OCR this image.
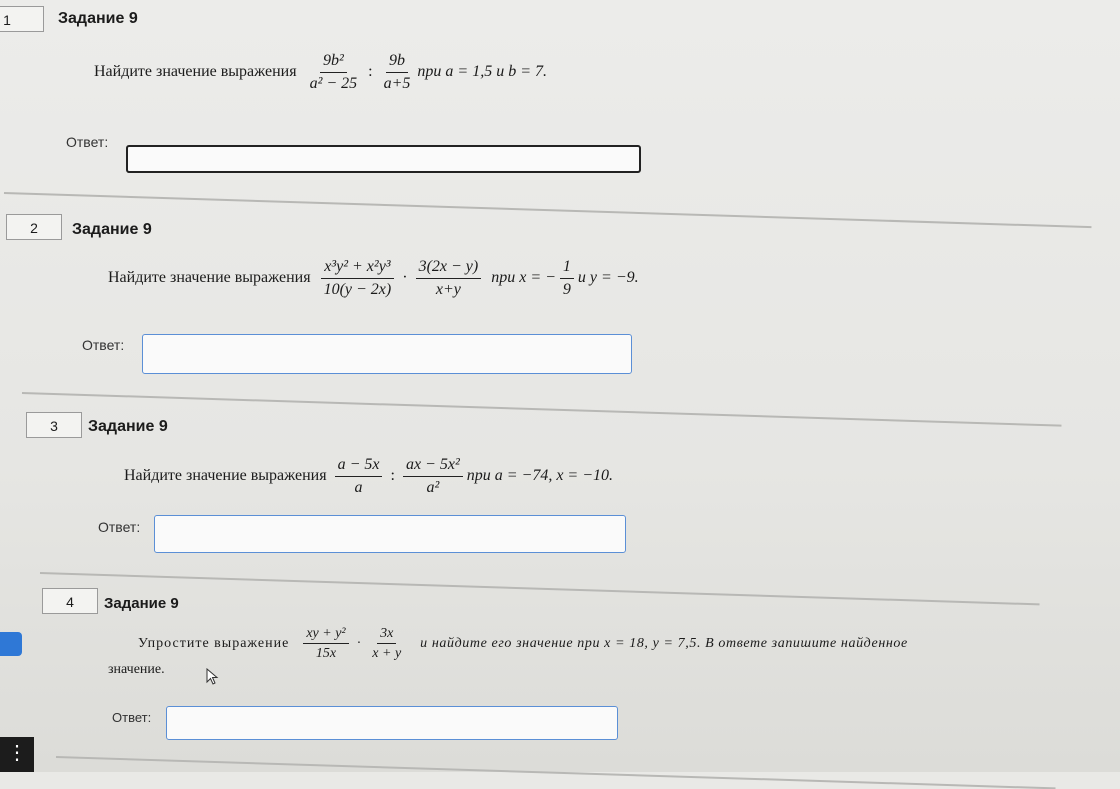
1	Задание 9
Найдите значение выражения $\frac{\text{9b²}}{\text{a² − 25}}$ : $\frac{9b}{a+5}$ при a = 1,5 и b = 7.
Ответ:
2	Задание 9
Найдите значение выражения $\frac{\text{x³y² + x²y³}}{10(y - 2x)} \cdot \frac{3(2x - y)}{x+y}$ при x = − $\frac{1}{9}$ и y = −9.
Ответ:
3	Задание 9
Найдите значение выражения $\frac{a - 5x}{a}$ : $\frac{\text{ax − 5x²}}{\text{a²}}$ при a = −74, x = −10.
Ответ:
4	Задание 9
Упростите выражение $\frac{\text{xy + y²}}{15x} \cdot \frac{3x}{x + y}$ и найдите его значение при x = 18, y = 7,5. В ответе запишите найденное
значение.
Ответ:
⋮
